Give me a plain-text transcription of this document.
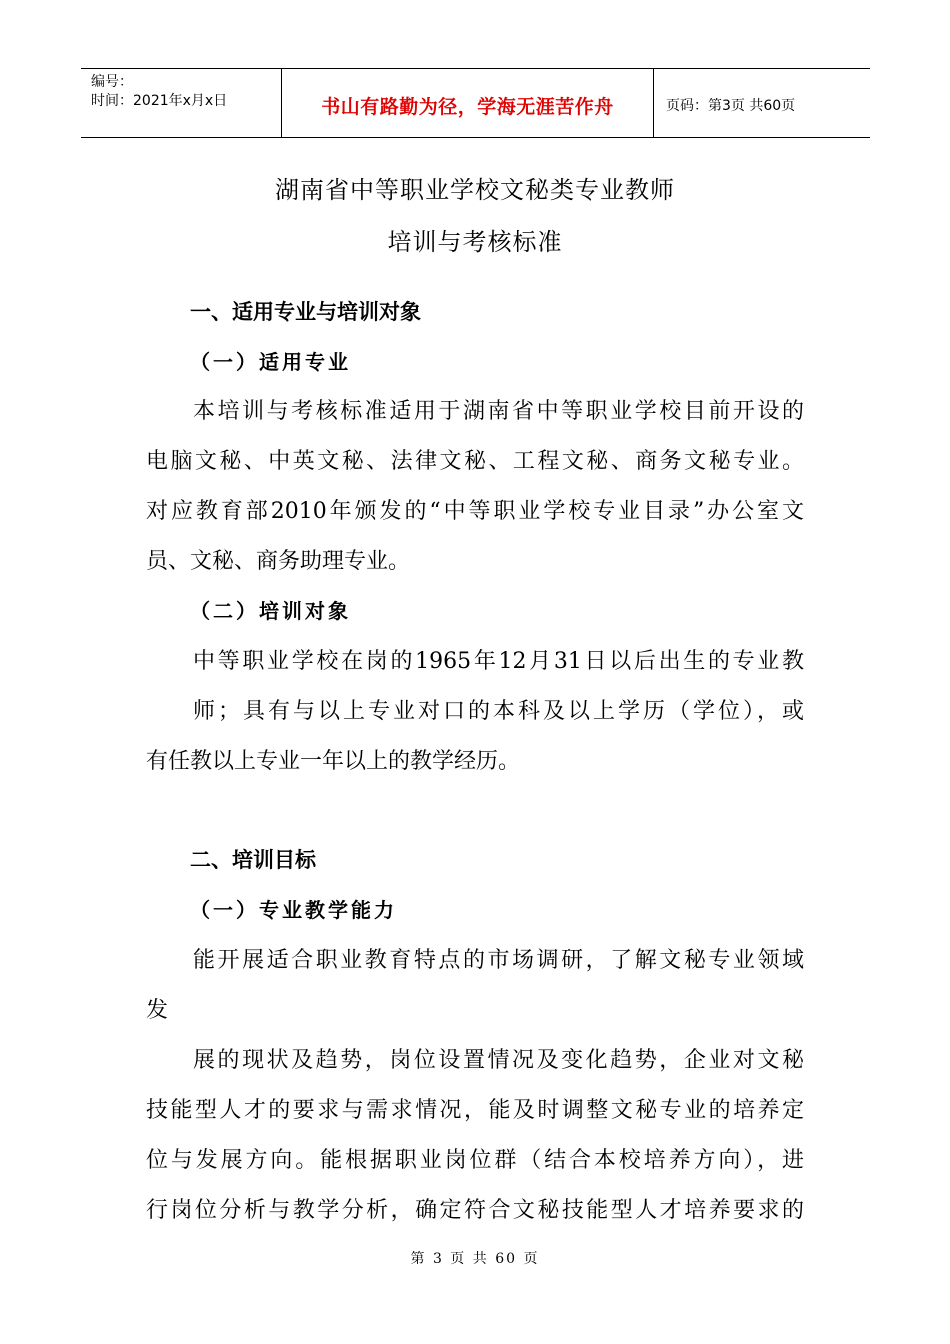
编号：
时间：2021年x月x日	书山有路勤为径，学海无涯苦作舟	页码：第3页 共60页
湖南省中等职业学校文秘类专业教师
培训与考核标准
一、适用专业与培训对象
（一）适用专业
本培训与考核标准适用于湖南省中等职业学校目前开设的
电脑文秘、中英文秘、法律文秘、工程文秘、商务文秘专业。
对应教育部2010年颁发的“中等职业学校专业目录”办公室文
员、文秘、商务助理专业。
（二）培训对象
中等职业学校在岗的1965年12月31日以后出生的专业教
师；具有与以上专业对口的本科及以上学历（学位），或
有任教以上专业一年以上的教学经历。
二、培训目标
（一）专业教学能力
能开展适合职业教育特点的市场调研，了解文秘专业领域
发
展的现状及趋势，岗位设置情况及变化趋势，企业对文秘
技能型人才的要求与需求情况，能及时调整文秘专业的培养定
位与发展方向。能根据职业岗位群（结合本校培养方向），进
行岗位分析与教学分析，确定符合文秘技能型人才培养要求的
第 3 页 共 60 页
